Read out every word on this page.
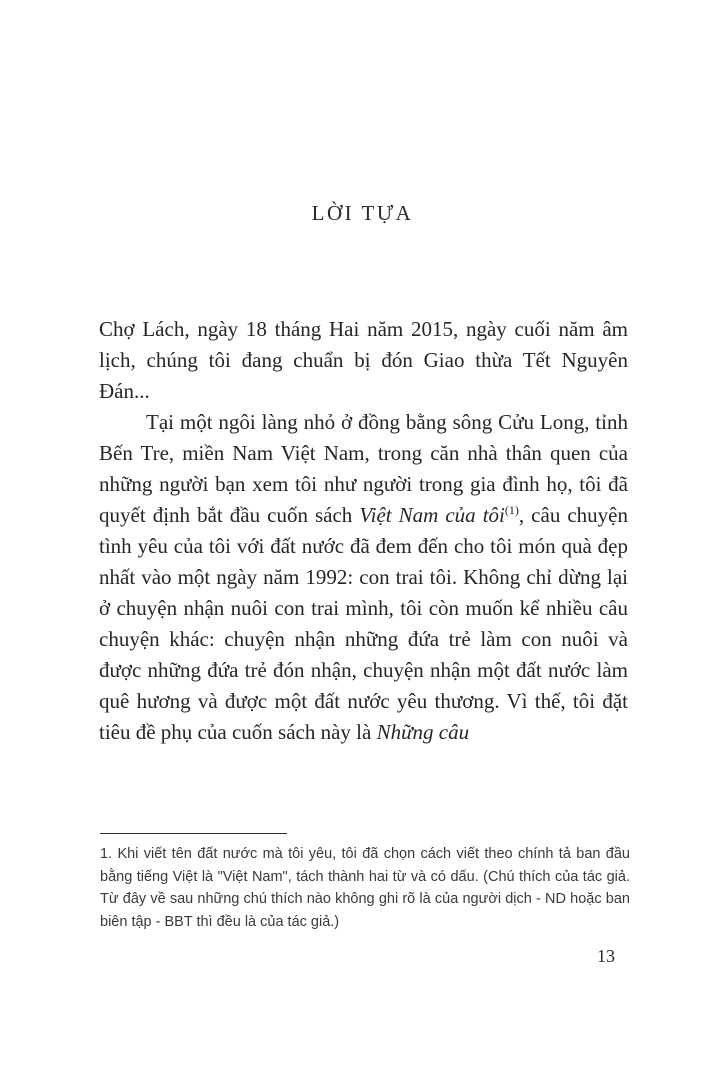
LỜI TỰA

Chợ Lách, ngày 18 tháng Hai năm 2015, ngày cuối năm âm lịch, chúng tôi đang chuẩn bị đón Giao thừa Tết Nguyên Đán...

Tại một ngôi làng nhỏ ở đồng bằng sông Cửu Long, tỉnh Bến Tre, miền Nam Việt Nam, trong căn nhà thân quen của những người bạn xem tôi như người trong gia đình họ, tôi đã quyết định bắt đầu cuốn sách Việt Nam của tôi$^{(1)}$, câu chuyện tình yêu của tôi với đất nước đã đem đến cho tôi món quà đẹp nhất vào một ngày năm 1992: con trai tôi. Không chỉ dừng lại ở chuyện nhận nuôi con trai mình, tôi còn muốn kể nhiều câu chuyện khác: chuyện nhận những đứa trẻ làm con nuôi và được những đứa trẻ đón nhận, chuyện nhận một đất nước làm quê hương và được một đất nước yêu thương. Vì thế, tôi đặt tiêu đề phụ của cuốn sách này là Những câu

1. Khi viết tên đất nước mà tôi yêu, tôi đã chọn cách viết theo chính tả ban đầu bằng tiếng Việt là "Việt Nam", tách thành hai từ và có dấu. (Chú thích của tác giả. Từ đây về sau những chú thích nào không ghi rõ là của người dịch - ND hoặc ban biên tập - BBT thì đều là của tác giả.)
13
